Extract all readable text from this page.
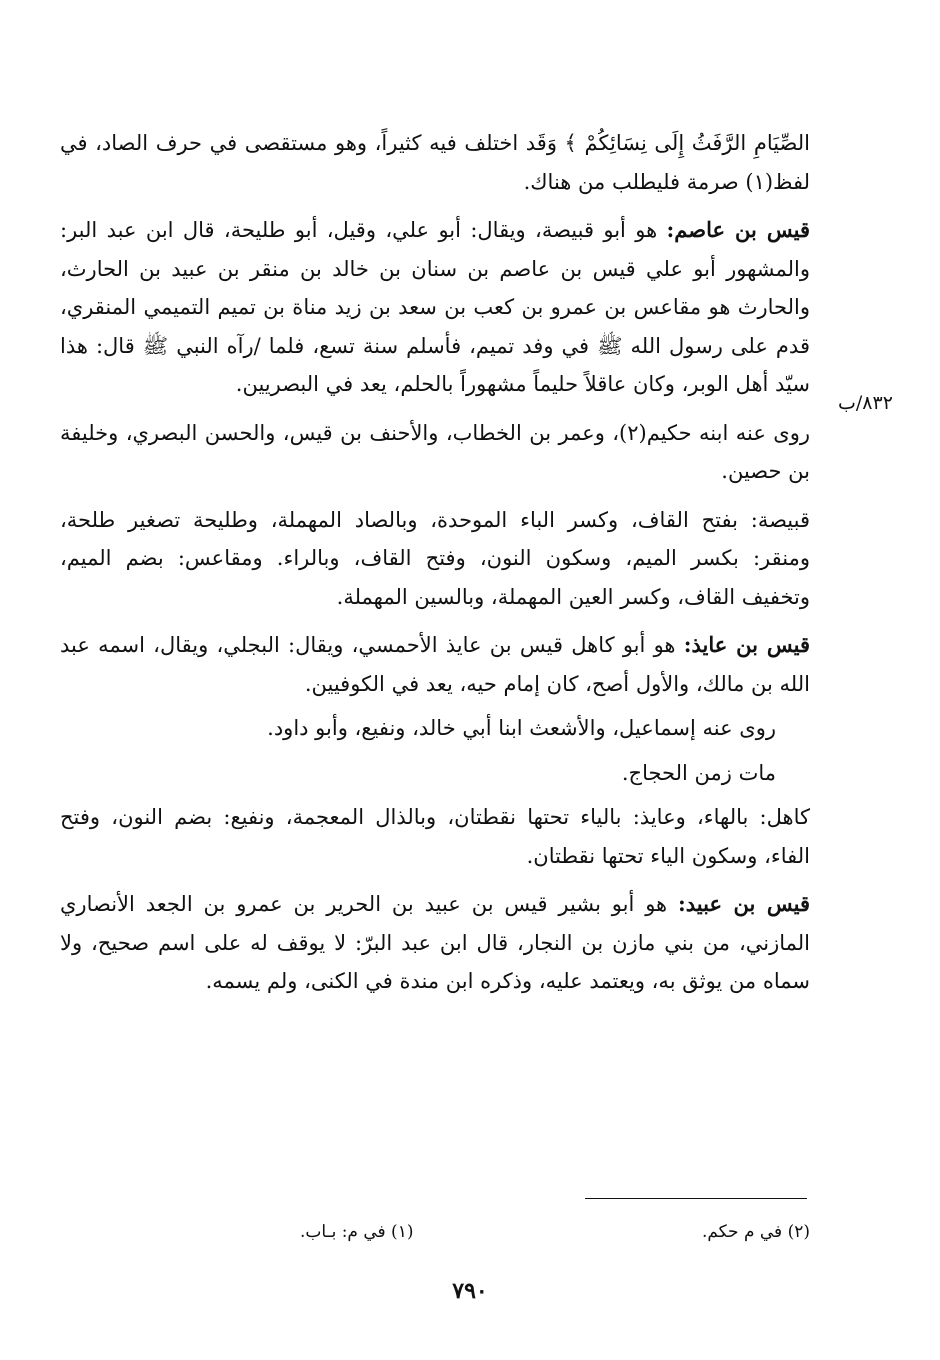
٨٣٢/ب

الصِّيَامِ الرَّفَثُ إِلَى نِسَائِكُمْ ﴾ وَقَد اختلف فيه كثيراً، وهو مستقصى في حرف الصاد، في لفظ(١) صرمة فليطلب من هناك.

قيس بن عاصم: هو أبو قبيصة، ويقال: أبو علي، وقيل، أبو طليحة، قال ابن عبد البر: والمشهور أبو علي قيس بن عاصم بن سنان بن خالد بن منقر بن عبيد بن الحارث، والحارث هو مقاعس بن عمرو بن كعب بن سعد بن زيد مناة بن تميم التميمي المنقري، قدم على رسول الله ﷺ في وفد تميم، فأسلم سنة تسع، فلما /رآه النبي ﷺ قال: هذا سيّد أهل الوبر، وكان عاقلاً حليماً مشهوراً بالحلم، يعد في البصريين.

روى عنه ابنه حكيم(٢)، وعمر بن الخطاب، والأحنف بن قيس، والحسن البصري، وخليفة بن حصين.

قبيصة: بفتح القاف، وكسر الباء الموحدة، وبالصاد المهملة، وطليحة تصغير طلحة، ومنقر: بكسر الميم، وسكون النون، وفتح القاف، وبالراء. ومقاعس: بضم الميم، وتخفيف القاف، وكسر العين المهملة، وبالسين المهملة.

قيس بن عايذ: هو أبو كاهل قيس بن عايذ الأحمسي، ويقال: البجلي، ويقال، اسمه عبد الله بن مالك، والأول أصح، كان إمام حيه، يعد في الكوفيين.

روى عنه إسماعيل، والأشعث ابنا أبي خالد، ونفيع، وأبو داود.

مات زمن الحجاج.

كاهل: بالهاء، وعايذ: بالياء تحتها نقطتان، وبالذال المعجمة، ونفيع: بضم النون، وفتح الفاء، وسكون الياء تحتها نقطتان.

قيس بن عبيد: هو أبو بشير قيس بن عبيد بن الحرير بن عمرو بن الجعد الأنصاري المازني، من بني مازن بن النجار، قال ابن عبد البرّ: لا يوقف له على اسم صحيح، ولا سماه من يوثق به، ويعتمد عليه، وذكره ابن مندة في الكنى، ولم يسمه.

(١) في م: بـاب.	(٢) في م حكم.
٧٩٠
